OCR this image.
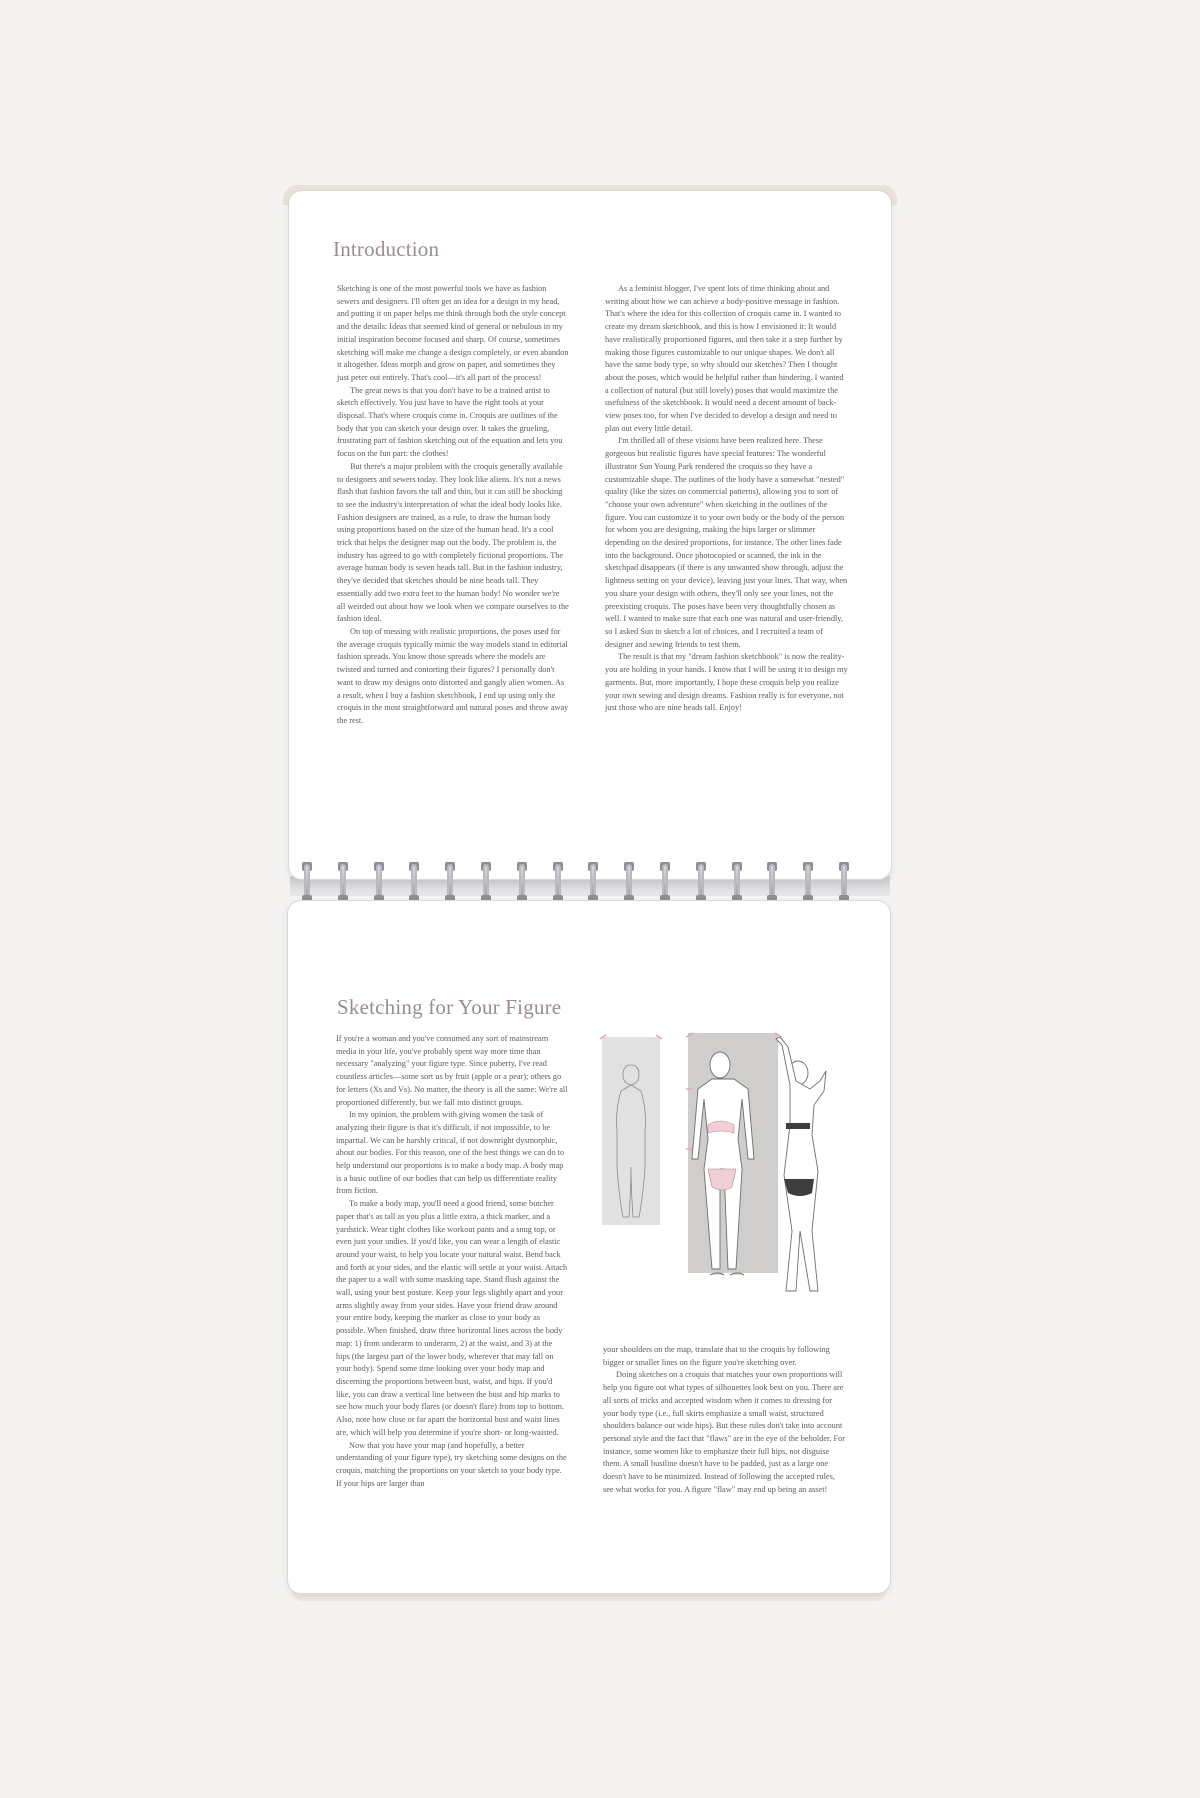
Introduction

Sketching is one of the most powerful tools we have as fashion sewers and designers. I'll often get an idea for a design in my head, and putting it on paper helps me think through both the style concept and the details: Ideas that seemed kind of general or nebulous in my initial inspiration become focused and sharp. Of course, sometimes sketching will make me change a design completely, or even abandon it altogether. Ideas morph and grow on paper, and sometimes they just peter out entirely. That's cool—it's all part of the process!

The great news is that you don't have to be a trained artist to sketch effectively. You just have to have the right tools at your disposal. That's where croquis come in. Croquis are outlines of the body that you can sketch your design over. It takes the grueling, frustrating part of fashion sketching out of the equation and lets you focus on the fun part: the clothes!

But there's a major problem with the croquis generally available to designers and sewers today. They look like aliens. It's not a news flash that fashion favors the tall and thin, but it can still be shocking to see the industry's interpretation of what the ideal body looks like. Fashion designers are trained, as a rule, to draw the human body using proportions based on the size of the human head. It's a cool trick that helps the designer map out the body. The problem is, the industry has agreed to go with completely fictional proportions. The average human body is seven heads tall. But in the fashion industry, they've decided that sketches should be nine heads tall. They essentially add two extra feet to the human body! No wonder we're all weirded out about how we look when we compare ourselves to the fashion ideal.

On top of messing with realistic proportions, the poses used for the average croquis typically mimic the way models stand in editorial fashion spreads. You know those spreads where the models are twisted and turned and contorting their figures? I personally don't want to draw my designs onto distorted and gangly alien women. As a result, when I buy a fashion sketchbook, I end up using only the croquis in the most straightforward and natural poses and throw away the rest.

As a feminist blogger, I've spent lots of time thinking about and writing about how we can achieve a body-positive message in fashion. That's where the idea for this collection of croquis came in. I wanted to create my dream sketchbook, and this is how I envisioned it: It would have realistically proportioned figures, and then take it a step further by making those figures customizable to our unique shapes. We don't all have the same body type, so why should our sketches? Then I thought about the poses, which would be helpful rather than hindering. I wanted a collection of natural (but still lovely) poses that would maximize the usefulness of the sketchbook. It would need a decent amount of back-view poses too, for when I've decided to develop a design and need to plan out every little detail.

I'm thrilled all of these visions have been realized here. These gorgeous but realistic figures have special features: The wonderful illustrator Sun Young Park rendered the croquis so they have a customizable shape. The outlines of the body have a somewhat "nested" quality (like the sizes on commercial patterns), allowing you to sort of "choose your own adventure" when sketching in the outlines of the figure. You can customize it to your own body or the body of the person for whom you are designing, making the hips larger or slimmer depending on the desired proportions, for instance. The other lines fade into the background. Once photocopied or scanned, the ink in the sketchpad disappears (if there is any unwanted show through, adjust the lightness setting on your device), leaving just your lines. That way, when you share your design with others, they'll only see your lines, not the preexisting croquis. The poses have been very thoughtfully chosen as well. I wanted to make sure that each one was natural and user-friendly, so I asked Sun to sketch a lot of choices, and I recruited a team of designer and sewing friends to test them.

The result is that my "dream fashion sketchbook" is now the reality-you are holding in your hands. I know that I will be using it to design my garments. But, more importantly, I hope these croquis help you realize your own sewing and design dreams. Fashion really is for everyone, not just those who are nine heads tall. Enjoy!

Sketching for Your Figure

If you're a woman and you've consumed any sort of mainstream media in your life, you've probably spent way more time than necessary "analyzing" your figure type. Since puberty, I've read countless articles—some sort us by fruit (apple or a pear); others go for letters (Xs and Vs). No matter, the theory is all the same: We're all proportioned differently, but we fall into distinct groups.

In my opinion, the problem with giving women the task of analyzing their figure is that it's difficult, if not impossible, to be impartial. We can be harshly critical, if not downright dysmorphic, about our bodies. For this reason, one of the best things we can do to help understand our proportions is to make a body map. A body map is a basic outline of our bodies that can help us differentiate reality from fiction.

To make a body map, you'll need a good friend, some butcher paper that's as tall as you plus a little extra, a thick marker, and a yardstick. Wear tight clothes like workout pants and a snug top, or even just your undies. If you'd like, you can wear a length of elastic around your waist, to help you locate your natural waist. Bend back and forth at your sides, and the elastic will settle at your waist. Attach the paper to a wall with some masking tape. Stand flush against the wall, using your best posture. Keep your legs slightly apart and your arms slightly away from your sides. Have your friend draw around your entire body, keeping the marker as close to your body as possible. When finished, draw three horizontal lines across the body map: 1) from underarm to underarm, 2) at the waist, and 3) at the hips (the largest part of the lower body, wherever that may fall on your body). Spend some time looking over your body map and discerning the proportions between bust, waist, and hips. If you'd like, you can draw a vertical line between the bust and hip marks to see how much your body flares (or doesn't flare) from top to bottom. Also, note how close or far apart the horizontal bust and waist lines are, which will help you determine if you're short- or long-waisted.

Now that you have your map (and hopefully, a better understanding of your figure type), try sketching some designs on the croquis, matching the proportions on your sketch to your body type. If your hips are larger than

your shoulders on the map, translate that to the croquis by following bigger or smaller lines on the figure you're sketching over.

Doing sketches on a croquis that matches your own proportions will help you figure out what types of silhouettes look best on you. There are all sorts of tricks and accepted wisdom when it comes to dressing for your body type (i.e., full skirts emphasize a small waist, structured shoulders balance out wide hips). But these rules don't take into account personal style and the fact that "flaws" are in the eye of the beholder. For instance, some women like to emphasize their full hips, not disguise them. A small bustline doesn't have to be padded, just as a large one doesn't have to be minimized. Instead of following the accepted rules, see what works for you. A figure "flaw" may end up being an asset!
